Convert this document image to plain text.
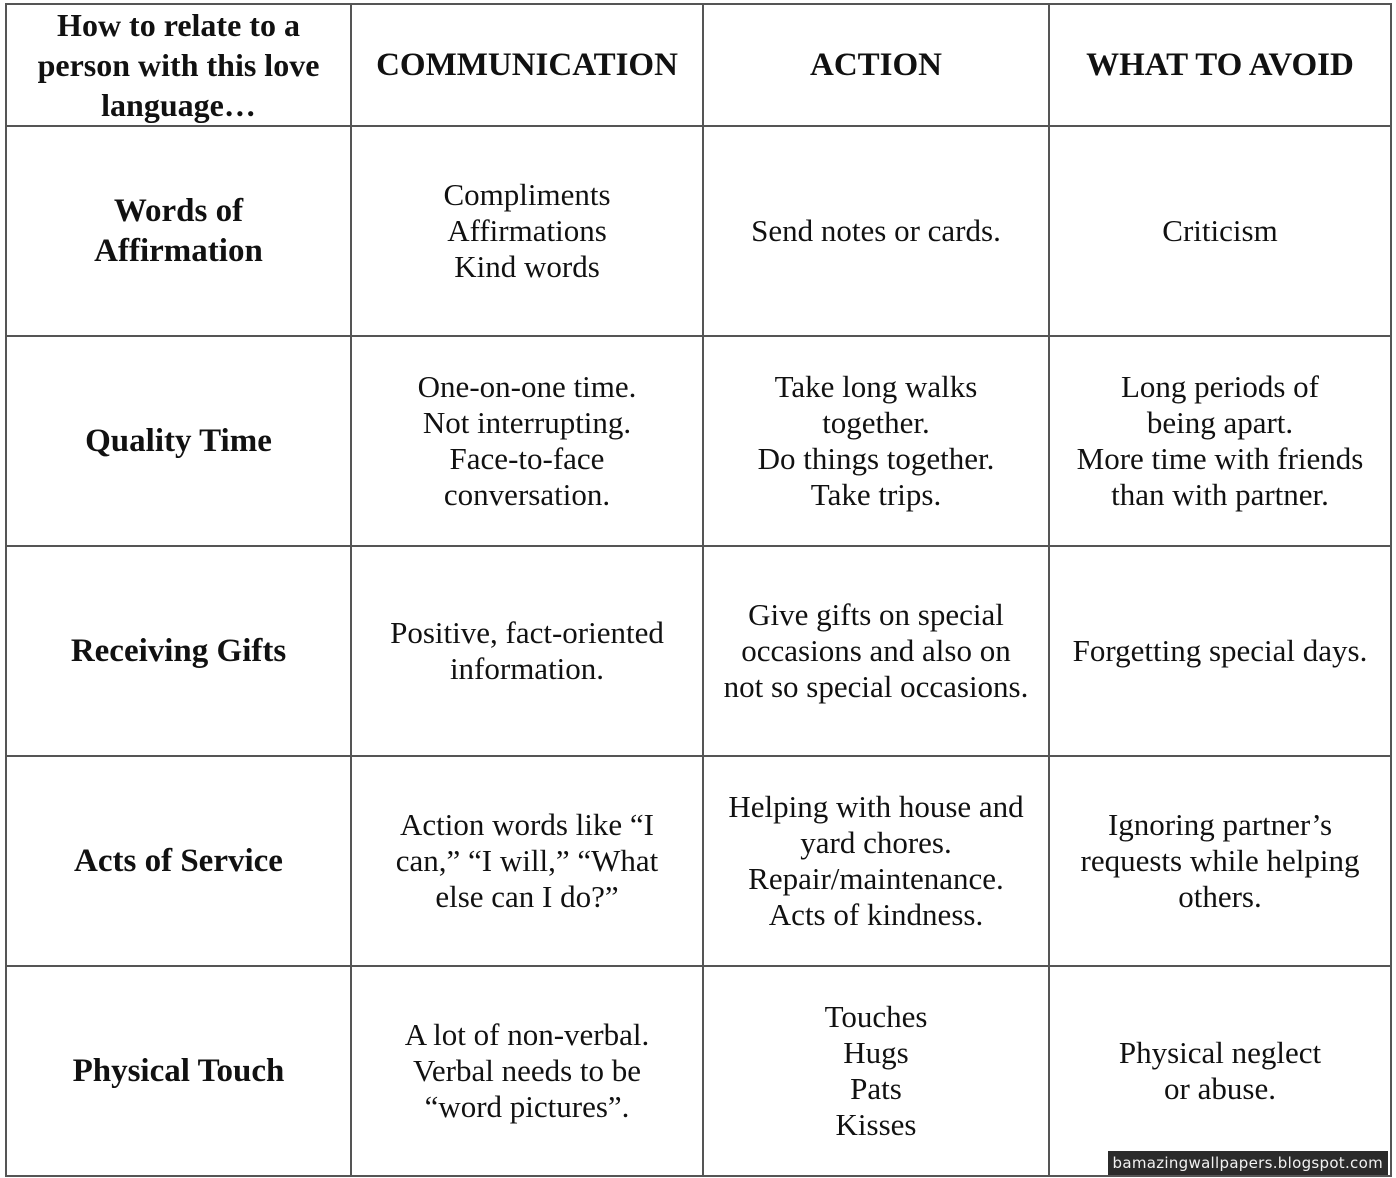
How to relate to a
person with this love
language…	COMMUNICATION	ACTION	WHAT TO AVOID
Words of
Affirmation	Compliments
Affirmations
Kind words	Send notes or cards.	Criticism
Quality Time	One-on-one time.
Not interrupting.
Face-to-face
conversation.	Take long walks
together.
Do things together.
Take trips.	Long periods of
being apart.
More time with friends
than with partner.
Receiving Gifts	Positive, fact-oriented
information.	Give gifts on special
occasions and also on
not so special occasions.	Forgetting special days.
Acts of Service	Action words like “I
can,” “I will,” “What
else can I do?”	Helping with house and
yard chores.
Repair/maintenance.
Acts of kindness.	Ignoring partner’s
requests while helping
others.
Physical Touch	A lot of non-verbal.
Verbal needs to be
“word pictures”.	Touches
Hugs
Pats
Kisses	Physical neglect
or abuse.
bamazingwallpapers.blogspot.com
